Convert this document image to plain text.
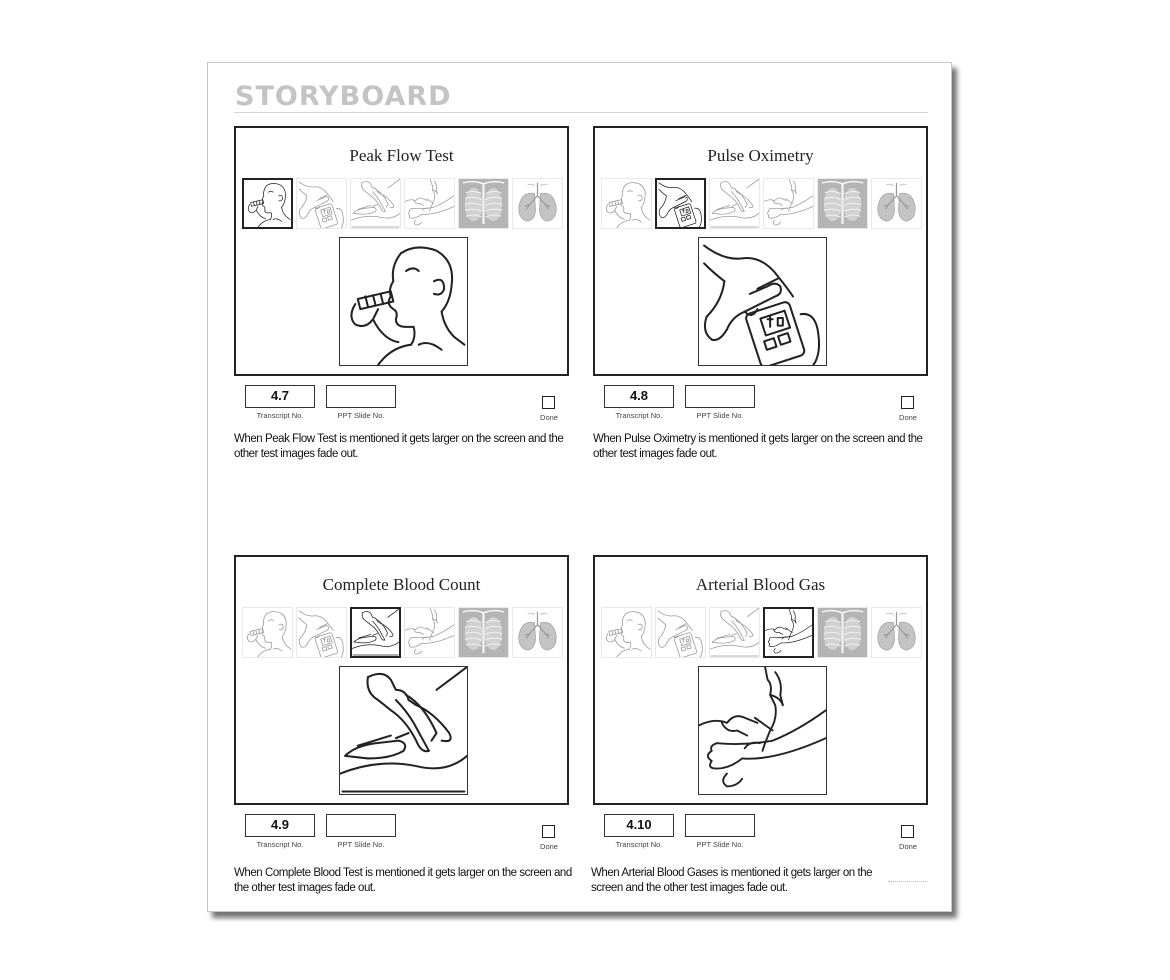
STORYBOARD
Peak Flow Test
4.7
Transcript No.	PPT Slide No.	Done
When Peak Flow Test is mentioned it gets larger on the screen and the other test images fade out.
Pulse Oximetry
4.8
Transcript No.	PPT Slide No.	Done
When Pulse Oximetry is mentioned it gets larger on the screen and the other test images fade out.
Complete Blood Count
4.9
Transcript No.	PPT Slide No.	Done
When Complete Blood Test is mentioned it gets larger on the screen and the other test images fade out.
Arterial Blood Gas
4.10
Transcript No.	PPT Slide No.	Done
When Arterial Blood Gases is mentioned it gets larger on the screen and the other test images fade out.
